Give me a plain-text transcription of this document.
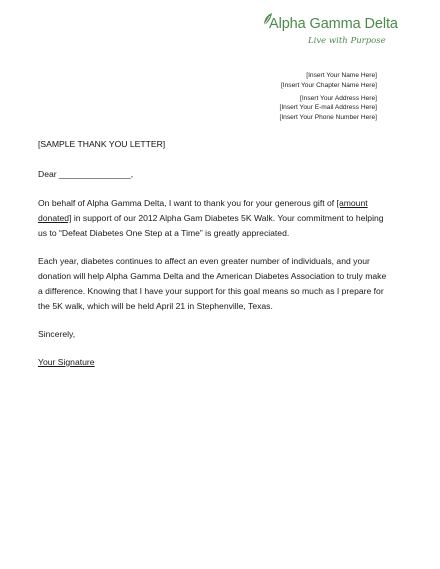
Alpha Gamma Delta
Live with Purpose
[Insert Your Name Here]
[Insert Your Chapter Name Here]
[Insert Your Address Here]
[Insert Your E-mail Address Here]
[Insert Your Phone Number Here]
[SAMPLE THANK YOU LETTER]
Dear _______________,
On behalf of Alpha Gamma Delta, I want to thank you for your generous gift of [amount donated] in support of our 2012 Alpha Gam Diabetes 5K Walk. Your commitment to helping us to “Defeat Diabetes One Step at a Time” is greatly appreciated.
Each year, diabetes continues to affect an even greater number of individuals, and your donation will help Alpha Gamma Delta and the American Diabetes Association to truly make a difference. Knowing that I have your support for this goal means so much as I prepare for the 5K walk, which will be held April 21 in Stephenville, Texas.
Sincerely,
Your Signature
